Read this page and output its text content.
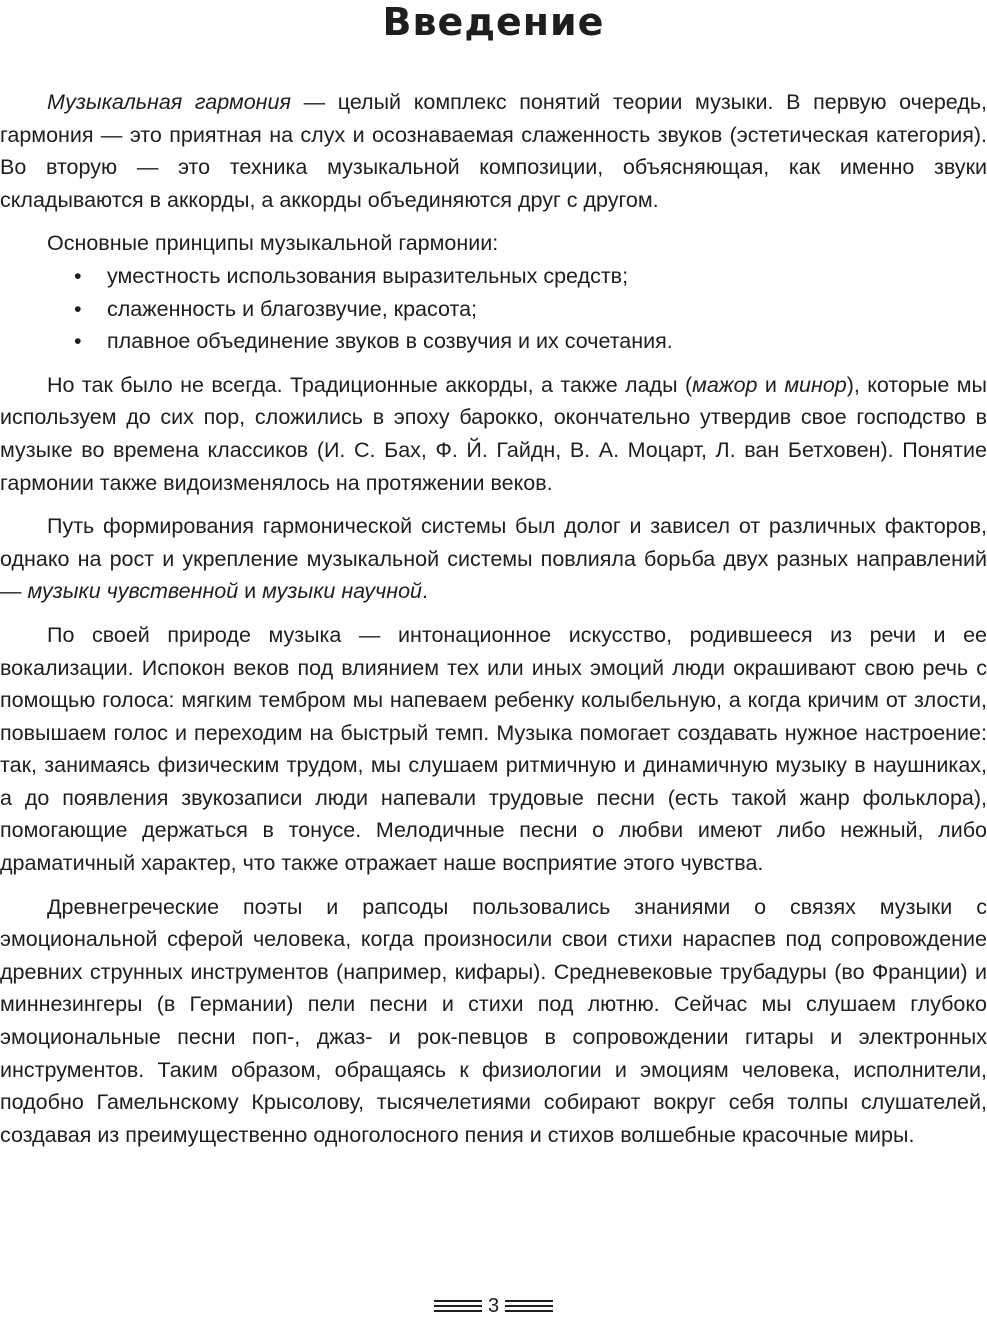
Введение

Музыкальная гармония — целый комплекс понятий теории музыки. В первую очередь, гармония — это приятная на слух и осознаваемая слаженность звуков (эстетическая категория). Во вторую — это техника музыкальной композиции, объясняющая, как именно звуки складываются в аккорды, а аккорды объединяются друг с другом.

Основные принципы музыкальной гармонии:

• уместность использования выразительных средств;
• слаженность и благозвучие, красота;
• плавное объединение звуков в созвучия и их сочетания.

Но так было не всегда. Традиционные аккорды, а также лады (мажор и минор), которые мы используем до сих пор, сложились в эпоху барокко, окончательно утвердив свое господство в музыке во времена классиков (И. С. Бах, Ф. Й. Гайдн, В. А. Моцарт, Л. ван Бетховен). Понятие гармонии также видоизменялось на протяжении веков.

Путь формирования гармонической системы был долог и зависел от различных факторов, однако на рост и укрепление музыкальной системы повлияла борьба двух разных направлений — музыки чувственной и музыки научной.

По своей природе музыка — интонационное искусство, родившееся из речи и ее вокализации. Испокон веков под влиянием тех или иных эмоций люди окрашивают свою речь с помощью голоса: мягким тембром мы напеваем ребенку колыбельную, а когда кричим от злости, повышаем голос и переходим на быстрый темп. Музыка помогает создавать нужное настроение: так, занимаясь физическим трудом, мы слушаем ритмичную и динамичную музыку в наушниках, а до появления звукозаписи люди напевали трудовые песни (есть такой жанр фольклора), помогающие держаться в тонусе. Мелодичные песни о любви имеют либо нежный, либо драматичный характер, что также отражает наше восприятие этого чувства.

Древнегреческие поэты и рапсоды пользовались знаниями о связях музыки с эмоциональной сферой человека, когда произносили свои стихи нараспев под сопровождение древних струнных инструментов (например, кифары). Средневековые трубадуры (во Франции) и миннезингеры (в Германии) пели песни и стихи под лютню. Сейчас мы слушаем глубоко эмоциональные песни поп-, джаз- и рок-певцов в сопровождении гитары и электронных инструментов. Таким образом, обращаясь к физиологии и эмоциям человека, исполнители, подобно Гамельнскому Крысолову, тысячелетиями собирают вокруг себя толпы слушателей, создавая из преимущественно одноголосного пения и стихов волшебные красочные миры.

3
